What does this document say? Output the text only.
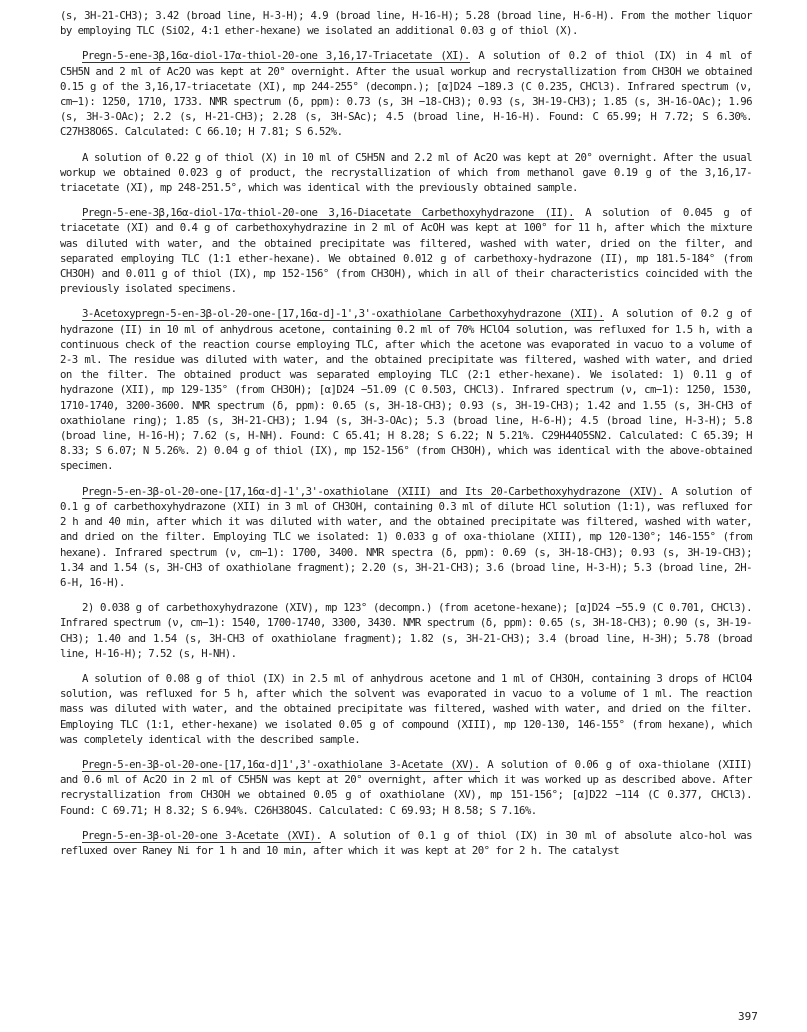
(s, 3H-21-CH3); 3.42 (broad line, H-3-H); 4.9 (broad line, H-16-H); 5.28 (broad line, H-6-H). From the mother liquor by employing TLC (SiO2, 4:1 ether-hexane) we isolated an additional 0.03 g of thiol (X).

Pregn-5-ene-3β,16α-diol-17α-thiol-20-one 3,16,17-Triacetate (XI). A solution of 0.2 of thiol (IX) in 4 ml of C5H5N and 2 ml of Ac2O was kept at 20° overnight. After the usual workup and recrystallization from CH3OH we obtained 0.15 g of the 3,16,17-triacetate (XI), mp 244-255° (decompn.); [α]D24 −189.3 (C 0.235, CHCl3). Infrared spectrum (ν, cm−1): 1250, 1710, 1733. NMR spectrum (δ, ppm): 0.73 (s, 3H −18-CH3); 0.93 (s, 3H-19-CH3); 1.85 (s, 3H-16-OAc); 1.96 (s, 3H-3-OAc); 2.2 (s, H-21-CH3); 2.28 (s, 3H-SAc); 4.5 (broad line, H-16-H). Found: C 65.99; H 7.72; S 6.30%. C27H38O6S. Calculated: C 66.10; H 7.81; S 6.52%.

A solution of 0.22 g of thiol (X) in 10 ml of C5H5N and 2.2 ml of Ac2O was kept at 20° overnight. After the usual workup we obtained 0.023 g of product, the recrystallization of which from methanol gave 0.19 g of the 3,16,17-triacetate (XI), mp 248-251.5°, which was identical with the previously obtained sample.

Pregn-5-ene-3β,16α-diol-17α-thiol-20-one 3,16-Diacetate Carbethoxyhydrazone (II). A solution of 0.045 g of triacetate (XI) and 0.4 g of carbethoxyhydrazine in 2 ml of AcOH was kept at 100° for 11 h, after which the mixture was diluted with water, and the obtained precipitate was filtered, washed with water, dried on the filter, and separated employing TLC (1:1 ether-hexane). We obtained 0.012 g of carbethoxy-hydrazone (II), mp 181.5-184° (from CH3OH) and 0.011 g of thiol (IX), mp 152-156° (from CH3OH), which in all of their characteristics coincided with the previously isolated specimens.

3-Acetoxypregn-5-en-3β-ol-20-one-[17,16α-d]-1',3'-oxathiolane Carbethoxyhydrazone (XII). A solution of 0.2 g of hydrazone (II) in 10 ml of anhydrous acetone, containing 0.2 ml of 70% HClO4 solution, was refluxed for 1.5 h, with a continuous check of the reaction course employing TLC, after which the acetone was evaporated in vacuo to a volume of 2-3 ml. The residue was diluted with water, and the obtained precipitate was filtered, washed with water, and dried on the filter. The obtained product was separated employing TLC (2:1 ether-hexane). We isolated: 1) 0.11 g of hydrazone (XII), mp 129-135° (from CH3OH); [α]D24 −51.09 (C 0.503, CHCl3). Infrared spectrum (ν, cm−1): 1250, 1530, 1710-1740, 3200-3600. NMR spectrum (δ, ppm): 0.65 (s, 3H-18-CH3); 0.93 (s, 3H-19-CH3); 1.42 and 1.55 (s, 3H-CH3 of oxathiolane ring); 1.85 (s, 3H-21-CH3); 1.94 (s, 3H-3-OAc); 5.3 (broad line, H-6-H); 4.5 (broad line, H-3-H); 5.8 (broad line, H-16-H); 7.62 (s, H-NH). Found: C 65.41; H 8.28; S 6.22; N 5.21%. C29H44O5SN2. Calculated: C 65.39; H 8.33; S 6.07; N 5.26%. 2) 0.04 g of thiol (IX), mp 152-156° (from CH3OH), which was identical with the above-obtained specimen.

Pregn-5-en-3β-ol-20-one-[17,16α-d]-1',3'-oxathiolane (XIII) and Its 20-Carbethoxyhydrazone (XIV). A solution of 0.1 g of carbethoxyhydrazone (XII) in 3 ml of CH3OH, containing 0.3 ml of dilute HCl solution (1:1), was refluxed for 2 h and 40 min, after which it was diluted with water, and the obtained precipitate was filtered, washed with water, and dried on the filter. Employing TLC we isolated: 1) 0.033 g of oxa-thiolane (XIII), mp 120-130°; 146-155° (from hexane). Infrared spectrum (ν, cm−1): 1700, 3400. NMR spectra (δ, ppm): 0.69 (s, 3H-18-CH3); 0.93 (s, 3H-19-CH3); 1.34 and 1.54 (s, 3H-CH3 of oxathiolane fragment); 2.20 (s, 3H-21-CH3); 3.6 (broad line, H-3-H); 5.3 (broad line, 2H-6-H, 16-H).

2) 0.038 g of carbethoxyhydrazone (XIV), mp 123° (decompn.) (from acetone-hexane); [α]D24 −55.9 (C 0.701, CHCl3). Infrared spectrum (ν, cm−1): 1540, 1700-1740, 3300, 3430. NMR spectrum (δ, ppm): 0.65 (s, 3H-18-CH3); 0.90 (s, 3H-19-CH3); 1.40 and 1.54 (s, 3H-CH3 of oxathiolane fragment); 1.82 (s, 3H-21-CH3); 3.4 (broad line, H-3H); 5.78 (broad line, H-16-H); 7.52 (s, H-NH).

A solution of 0.08 g of thiol (IX) in 2.5 ml of anhydrous acetone and 1 ml of CH3OH, containing 3 drops of HClO4 solution, was refluxed for 5 h, after which the solvent was evaporated in vacuo to a volume of 1 ml. The reaction mass was diluted with water, and the obtained precipitate was filtered, washed with water, and dried on the filter. Employing TLC (1:1, ether-hexane) we isolated 0.05 g of compound (XIII), mp 120-130, 146-155° (from hexane), which was completely identical with the described sample.

Pregn-5-en-3β-ol-20-one-[17,16α-d]1',3'-oxathiolane 3-Acetate (XV). A solution of 0.06 g of oxa-thiolane (XIII) and 0.6 ml of Ac2O in 2 ml of C5H5N was kept at 20° overnight, after which it was worked up as described above. After recrystallization from CH3OH we obtained 0.05 g of oxathiolane (XV), mp 151-156°; [α]D22 −114 (C 0.377, CHCl3). Found: C 69.71; H 8.32; S 6.94%. C26H38O4S. Calculated: C 69.93; H 8.58; S 7.16%.

Pregn-5-en-3β-ol-20-one 3-Acetate (XVI). A solution of 0.1 g of thiol (IX) in 30 ml of absolute alco-hol was refluxed over Raney Ni for 1 h and 10 min, after which it was kept at 20° for 2 h. The catalyst

397
